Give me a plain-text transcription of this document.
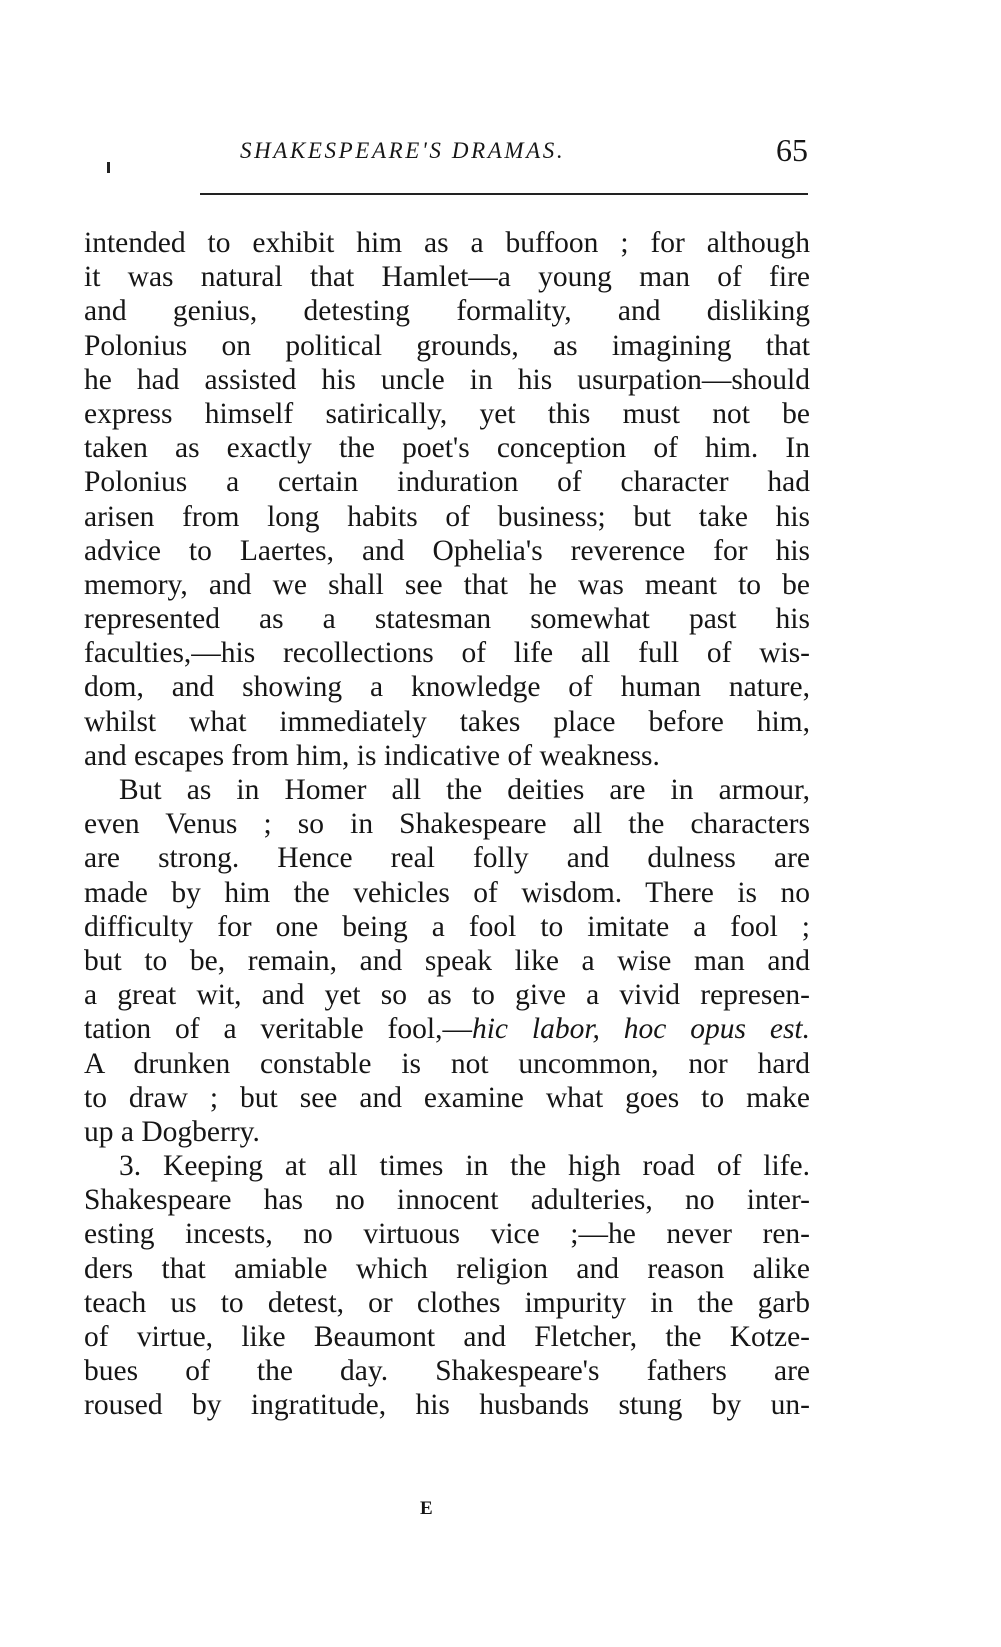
SHAKESPEARE'S DRAMAS.	65
intended to exhibit him as a buffoon ; for although
it was natural that Hamlet—a young man of fire
and genius, detesting formality, and disliking
Polonius on political grounds, as imagining that
he had assisted his uncle in his usurpation—should
express himself satirically, yet this must not be
taken as exactly the poet's conception of him. In
Polonius a certain induration of character had
arisen from long habits of business; but take his
advice to Laertes, and Ophelia's reverence for his
memory, and we shall see that he was meant to be
represented as a statesman somewhat past his
faculties,—his recollections of life all full of wis-
dom, and showing a knowledge of human nature,
whilst what immediately takes place before him,
and escapes from him, is indicative of weakness.
But as in Homer all the deities are in armour,
even Venus ; so in Shakespeare all the characters
are strong. Hence real folly and dulness are
made by him the vehicles of wisdom. There is no
difficulty for one being a fool to imitate a fool ;
but to be, remain, and speak like a wise man and
a great wit, and yet so as to give a vivid represen-
tation of a veritable fool,—hic labor, hoc opus est.
A drunken constable is not uncommon, nor hard
to draw ; but see and examine what goes to make
up a Dogberry.
3. Keeping at all times in the high road of life.
Shakespeare has no innocent adulteries, no inter-
esting incests, no virtuous vice ;—he never ren-
ders that amiable which religion and reason alike
teach us to detest, or clothes impurity in the garb
of virtue, like Beaumont and Fletcher, the Kotze-
bues of the day. Shakespeare's fathers are
roused by ingratitude, his husbands stung by un-
E
